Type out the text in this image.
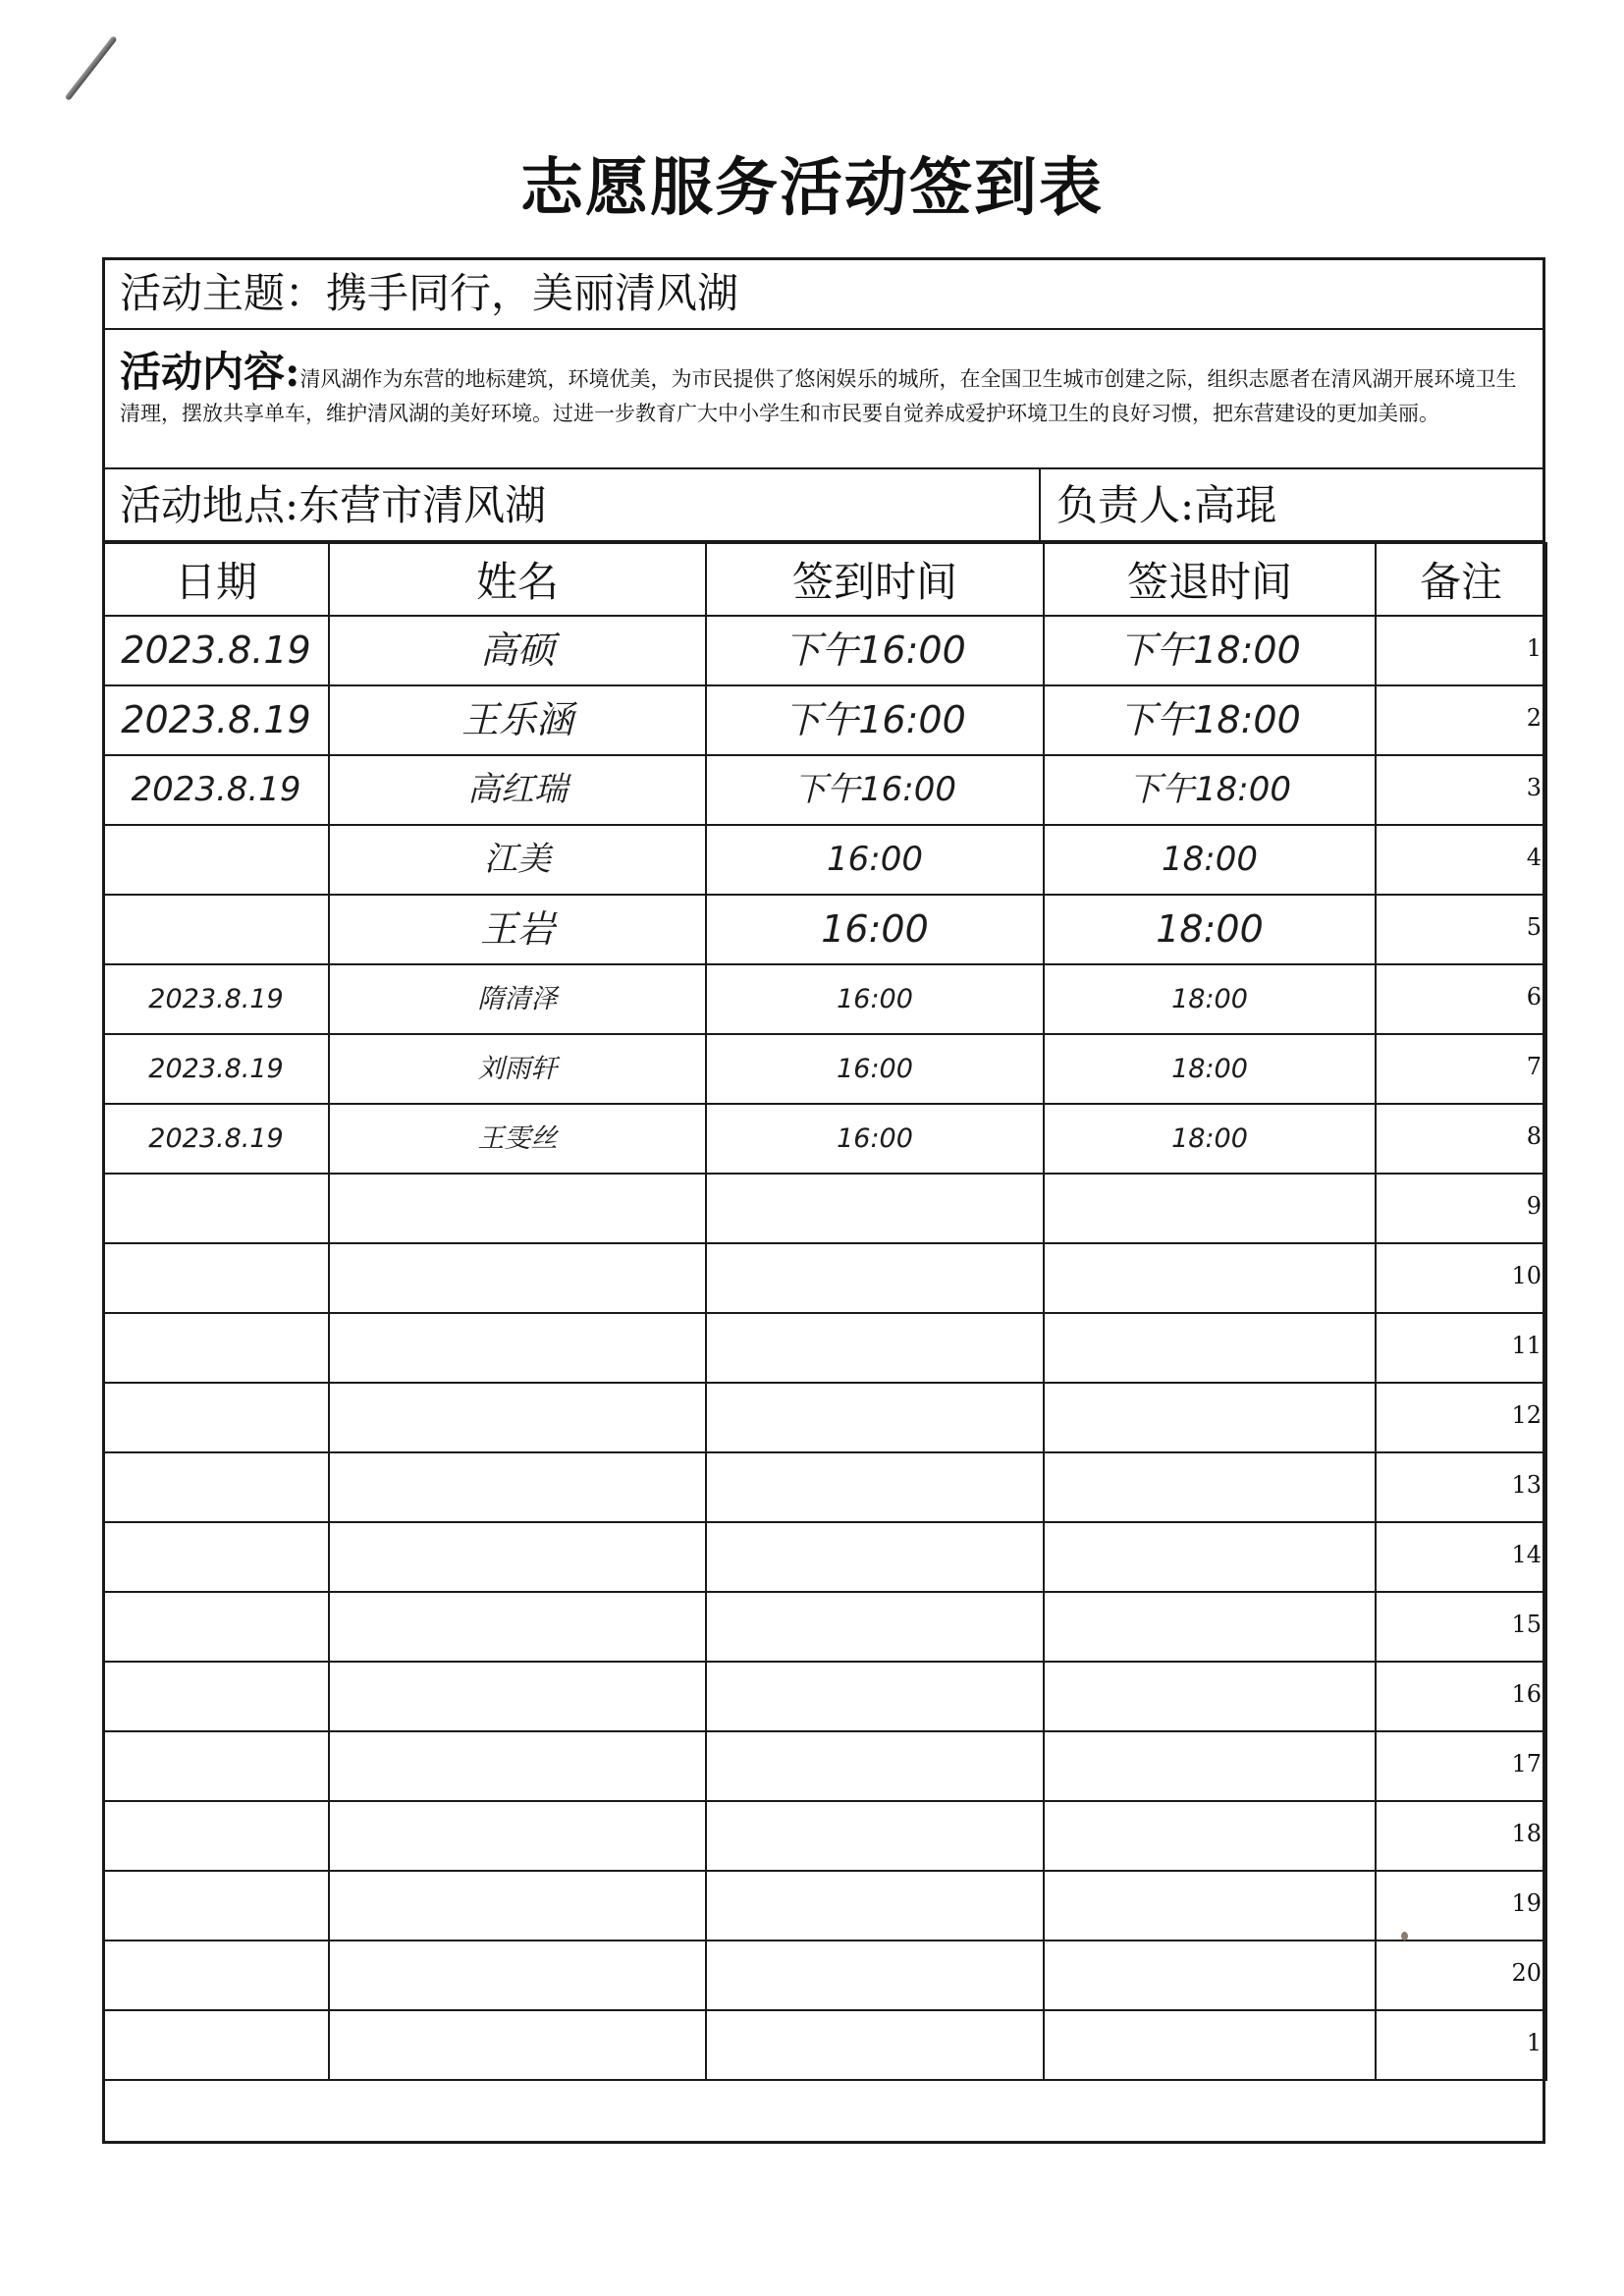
志愿服务活动签到表
活动主题：携手同行，美丽清风湖
活动内容:清风湖作为东营的地标建筑，环境优美，为市民提供了悠闲娱乐的城所，在全国卫生城市创建之际，组织志愿者在清风湖开展环境卫生清理，摆放共享单车，维护清风湖的美好环境。过进一步教育广大中小学生和市民要自觉养成爱护环境卫生的良好习惯，把东营建设的更加美丽。
活动地点:东营市清风湖	负责人:高琨
日期	姓名	签到时间	签退时间	备注

2023.8.19	高硕	下午16:00	下午18:00	1

2023.8.19	王乐涵	下午16:00	下午18:00	2

2023.8.19	高红瑞	下午16:00	下午18:00	3

	江美	16:00	18:00	4

	王岩	16:00	18:00	5

2023.8.19	隋清泽	16:00	18:00	6

2023.8.19	刘雨轩	16:00	18:00	7

2023.8.19	王雯丝	16:00	18:00	8

				9

				10

				11

				12

				13

				14

				15

				16

				17

				18

				19

				20

				1
